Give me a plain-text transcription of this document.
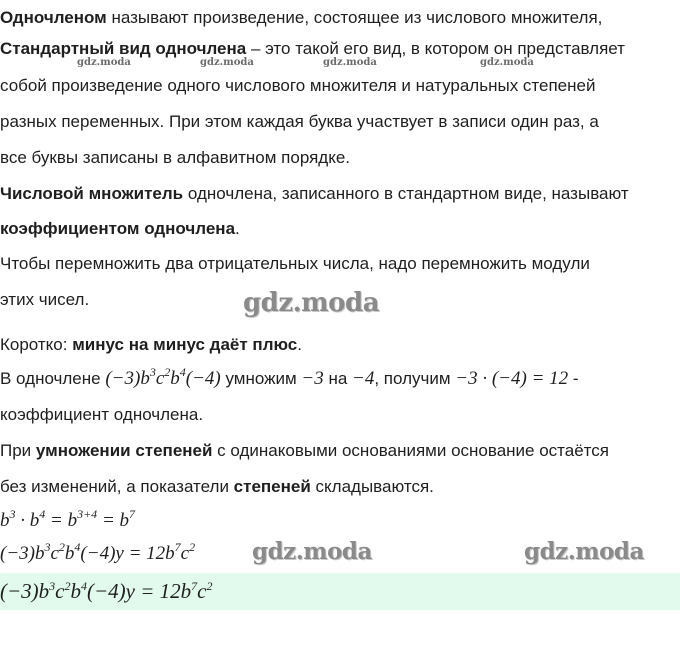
Одночленом называют произведение, состоящее из числового множителя,
Стандартный вид одночлена – это такой его вид, в котором он представляет
собой произведение одного числового множителя и натуральных степеней
разных переменных. При этом каждая буква участвует в записи один раз, а
все буквы записаны в алфавитном порядке.
Числовой множитель одночлена, записанного в стандартном виде, называют
коэффициентом одночлена.
Чтобы перемножить два отрицательных числа, надо перемножить модули
этих чисел.
Коротко: минус на минус даёт плюс.
В одночлене $(-3)b^3c^2b^4(-4)$ умножим −3 на −4, получим −3 · (−4) = 12 -
коэффициент одночлена.
При умножении степеней с одинаковыми основаниями основание остаётся
без изменений, а показатели степеней складываются.
$b^3 \cdot b^4 = b^{3+4} = b^7$
$(-3)b^3c^2b^4(-4)y = 12b^7c^2$
$(-3)b^3c^2b^4(-4)y = 12b^7c^2$
gdz.moda	gdz.moda	gdz.moda	gdz.moda
gdz.moda
gdz.moda	gdz.moda
